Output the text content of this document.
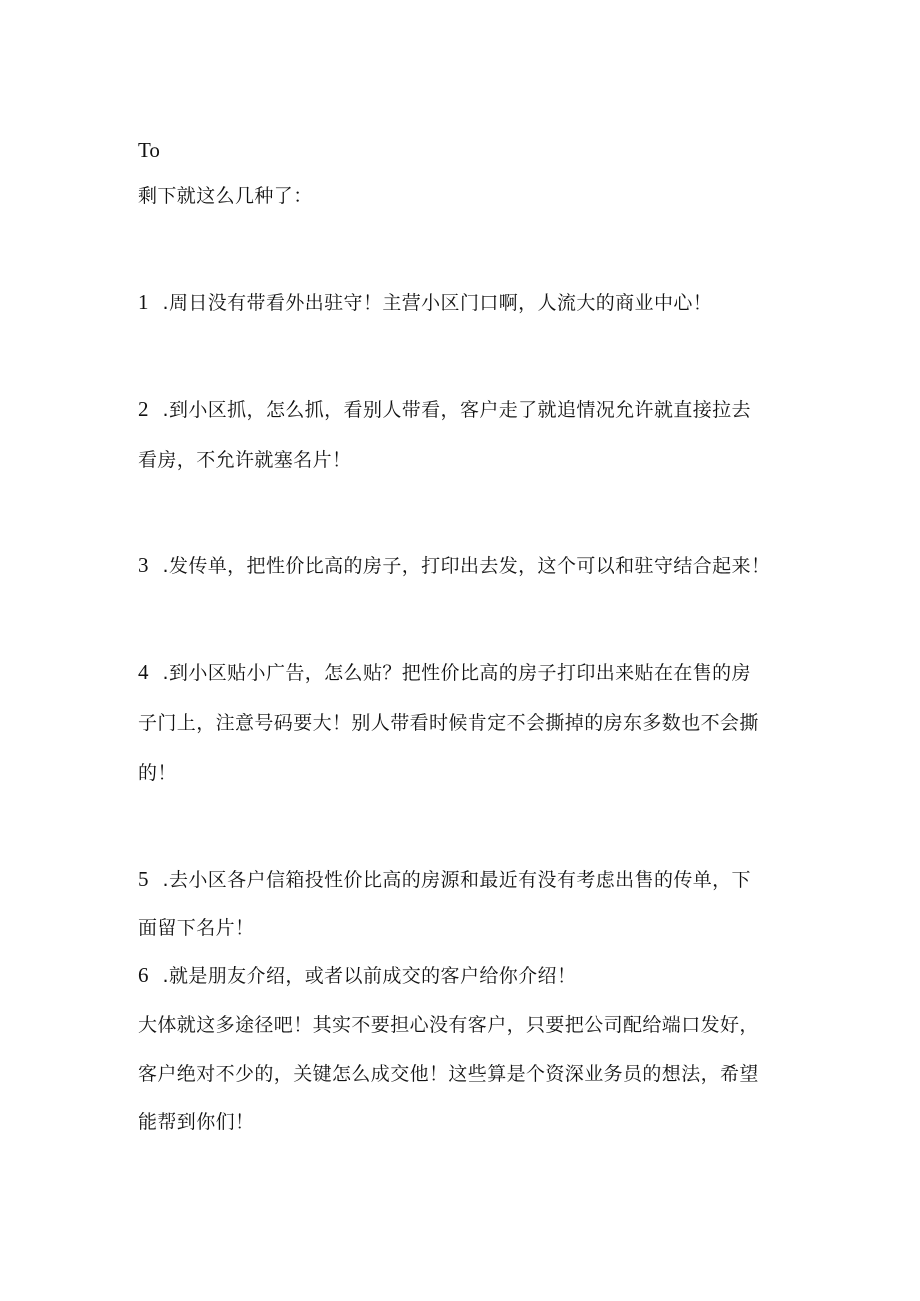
To
剩下就这么几种了：
1 .周日没有带看外出驻守！主营小区门口啊，人流大的商业中心！
2 .到小区抓，怎么抓，看别人带看，客户走了就追情况允许就直接拉去
看房，不允许就塞名片！
3 .发传单，把性价比高的房子，打印出去发，这个可以和驻守结合起来！
4 .到小区贴小广告，怎么贴？把性价比高的房子打印出来贴在在售的房
子门上，注意号码要大！别人带看时候肯定不会撕掉的房东多数也不会撕
的！
5 .去小区各户信箱投性价比高的房源和最近有没有考虑出售的传单，下
面留下名片！
6 .就是朋友介绍，或者以前成交的客户给你介绍！
大体就这多途径吧！其实不要担心没有客户，只要把公司配给端口发好，
客户绝对不少的，关键怎么成交他！这些算是个资深业务员的想法，希望
能帮到你们！
